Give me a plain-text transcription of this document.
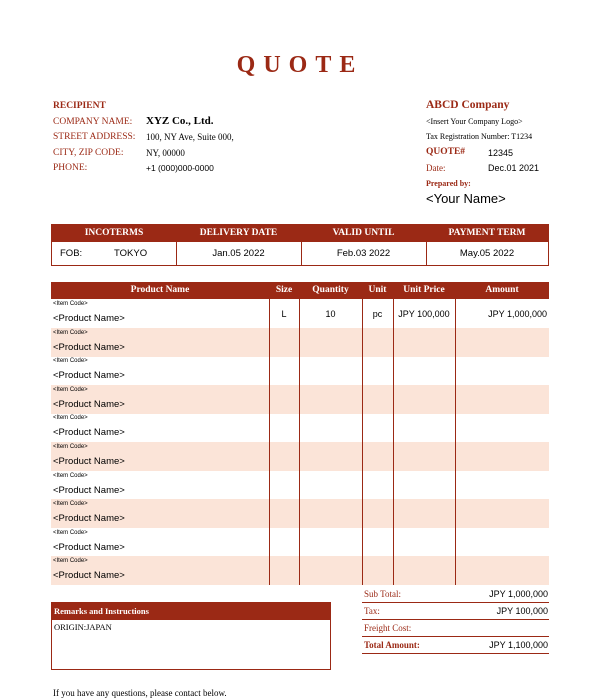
QUOTE
RECIPIENT
COMPANY NAME: XYZ Co., Ltd.
STREET ADDRESS: 100, NY Ave, Suite 000,
CITY, ZIP CODE:	NY, 00000
PHONE:	+1 (000)000-0000
ABCD Company
<Insert Your Company Logo>
Tax Registration Number: T1234
QUOTE#	12345
Date:	Dec.01 2021
Prepared by:
<Your Name>
INCOTERMS	DELIVERY DATE	VALID UNTIL	PAYMENT TERM
FOB:	TOKYO	Jan.05 2022	Feb.03 2022	May.05 2022
Product Name	Size	Quantity	Unit	Unit Price	Amount
<Item Code>
<Product Name>	L	10	pc	JPY 100,000	JPY 1,000,000
<Item Code>
<Product Name>
<Item Code>
<Product Name>
<Item Code>
<Product Name>
<Item Code>
<Product Name>
<Item Code>
<Product Name>
<Item Code>
<Product Name>
<Item Code>
<Product Name>
<Item Code>
<Product Name>
<Item Code>
<Product Name>
Sub Total:	JPY 1,000,000
Tax:	JPY 100,000
Freight Cost:
Total Amount:	JPY 1,100,000
Remarks and Instructions
ORIGIN:JAPAN
If you have any questions, please contact below.
